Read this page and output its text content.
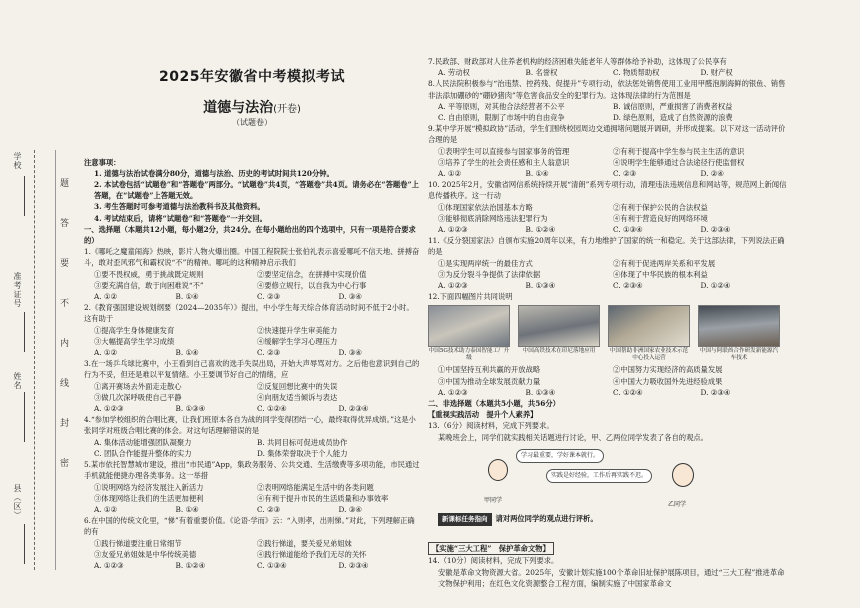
学校
准考证号
姓名
县（区）
题
答
要
不
内
线
封
密
2025年安徽省中考模拟考试
道德与法治(开卷)
（试题卷）
注意事项：
1. 道德与法治试卷满分80分，道德与法治、历史的考试时间共120分钟。
2. 本试卷包括“试题卷”和“答题卷”两部分。“试题卷”共4页，“答题卷”共4页。请务必在“答题卷”上答题，在“试题卷”上答题无效。
3. 考生答题时可参考道德与法治教科书及其他资料。
4. 考试结束后，请将“试题卷”和“答题卷”一并交回。
一、选择题（本题共12小题，每小题2分，共24分。在每小题给出的四个选项中，只有一项是符合要求的）

1.《哪吒之魔童闹海》热映，影片人物火爆出圈。中国工程院院士张伯礼表示喜爱哪吒不信天地、拼搏奋斗，敢对歪风邪气和霸权说“不”的精神。哪吒的这种精神启示我们

①要不畏权威，勇于挑战既定规则	②要坚定信念，在拼搏中实现价值
③要充满自信，敢于向困难说“不”	④要修立规行，以自我为中心行事
A. ①②	B. ①④	C. ②③	D. ③④

2.《教育强国建设规划纲要（2024—2035年）》提出，中小学生每天综合体育活动时间不低于2小时。这有助于

①提高学生身体健康发育	②快速提升学生审美能力
③大幅提高学生学习成绩	④缓解学生学习心理压力
A. ①②	B. ①④	C. ②③	D. ③④

3.在一场乒乓球比赛中，小王看到自己喜欢的选手失误出局，开始大声辱骂对方。之后他也意识到自己的行为不妥，但还是难以平复情绪。小王要调节好自己的情绪，应

①离开赛场去外面走走散心	②反复回想比赛中的失误
③做几次深呼吸使自己平静	④向朋友适当倾诉与表达
A. ①②③	B. ①③④	C. ①②④	D. ②③④

4.“参加学校组织的合唱比赛，让我们班原本各自为战的同学变得团结一心，最终取得优异成绩。”这是小张同学对班级合唱比赛的体会。对这句话理解错误的是

A. 集体活动能增强团队凝聚力	B. 共同目标可促进成员协作
C. 团队合作能提升整体的实力	D. 集体荣誉取决于个人能力

5.某市依托智慧城市建设，推出“市民通”App，集政务服务、公共交通、生活缴费等多项功能，市民通过手机就能便捷办理各类事务。这一举措

①说明网络为经济发展注入新活力	②表明网络能满足生活中的各类问题
③体现网络让我们的生活更加便利	④有利于提升市民的生活质量和办事效率
A. ①②	B. ①④	C. ②③	D. ③④

6.在中国的传统文化里，“悌”有着重要价值。《论语·学而》云：“入则孝，出则悌。”对此，下列理解正确的有

①践行悌道要注重日常细节	②践行悌道，要关爱兄弟姐妹
③友爱兄弟姐妹是中华传统美德	④践行悌道能给予我们无尽的关怀
A. ①②③	B. ①②④	C. ①③④	D. ②③④

7.民政部、财政部对人住养老机构的经济困难失能老年人等群体给予补助，这体现了公民享有

A. 劳动权	B. 名誉权	C. 物质帮助权	D. 财产权

8.人民法院积极参与“治违禁、控药残、促提升”专项行动，依法惩处销售使用工业用甲醛泡制海鲜的银鱼、销售非法添加硼砂的“硼砂猪肉”等危害食品安全的犯罪行为。这体现法律的行为范围是

A. 平等原则，对其他合法经营者不公平	B. 诚信原则，严重损害了消费者权益
C. 自由原则，限制了市场中的自由竞争	D. 绿色原则，造成了自然资源的浪费

9.某中学开展“模拟政协”活动，学生们围绕校园周边交通拥堵问题展开调研，并形成提案。以下对这一活动评价合理的是

①表明学生可以直接参与国家事务的管理	②有利于提高中学生参与民主生活的意识
③培养了学生的社会责任感和主人翁意识	④说明学生能够通过合法途径行使监督权
A. ①②	B. ①④	C. ②③	D. ②④

10. 2025年2月，安徽省网信系统持续开展“清朗”系列专项行动，清理违法违规信息和网站等，规范网上新闻信息传播秩序。这一行动

①体现国家依法治国基本方略	②有利于保护公民的合法权益
③能够彻底消除网络违法犯罪行为	④有利于营造良好的网络环境
A. ①②③	B. ①②④	C. ①③④	D. ②③④

11.《反分裂国家法》自颁布实施20周年以来，有力地维护了国家的统一和稳定。关于这部法律，下列说法正确的是

①是实现两岸统一的最佳方式	②有利于促进两岸关系和平发展
③为反分裂斗争提供了法律依据	④体现了中华民族的根本利益
A. ①②③	B. ①③④	C. ②③④	D. ①②④

12.下面四幅图片共同说明

中国5G技术助力泰国智能工厂升级
中国高铁技术在印尼落地应用	中国帮助非洲国家农业技术示范中心投入运营
中国与阿联酋合作研发新能源汽车技术
①中国坚持互利共赢的开放战略	②中国努力实现经济的高质量发展
③中国为推动全球发展贡献力量	④中国大力吸收国外先进经验成果
A. ①②③	B. ①③④	C. ①②④	D. ②③④
二、非选择题（本题共5小题，共56分）
【重视实践活动　提升个人素养】

13.（6分）阅读材料，完成下列要求。

某晚班会上，同学们就实践相关话题进行讨论，甲、乙两位同学发表了各自的观点。

甲同学
学习最重要，学好课本就行。
实践是好经验，工作后再实践不迟。
乙同学
新课标任务指向 请对两位同学的观点进行评析。
【实施“三大工程”　保护革命文物】

14.（10分）阅读材料，完成下列要求。

安徽是革命文物资源大省。2025年，安徽计划实施100个革命旧址保护展陈项目，通过“三大工程”推进革命文物保护利用；在红色文化资源整合工程方面，编制实施了中国家革命文
